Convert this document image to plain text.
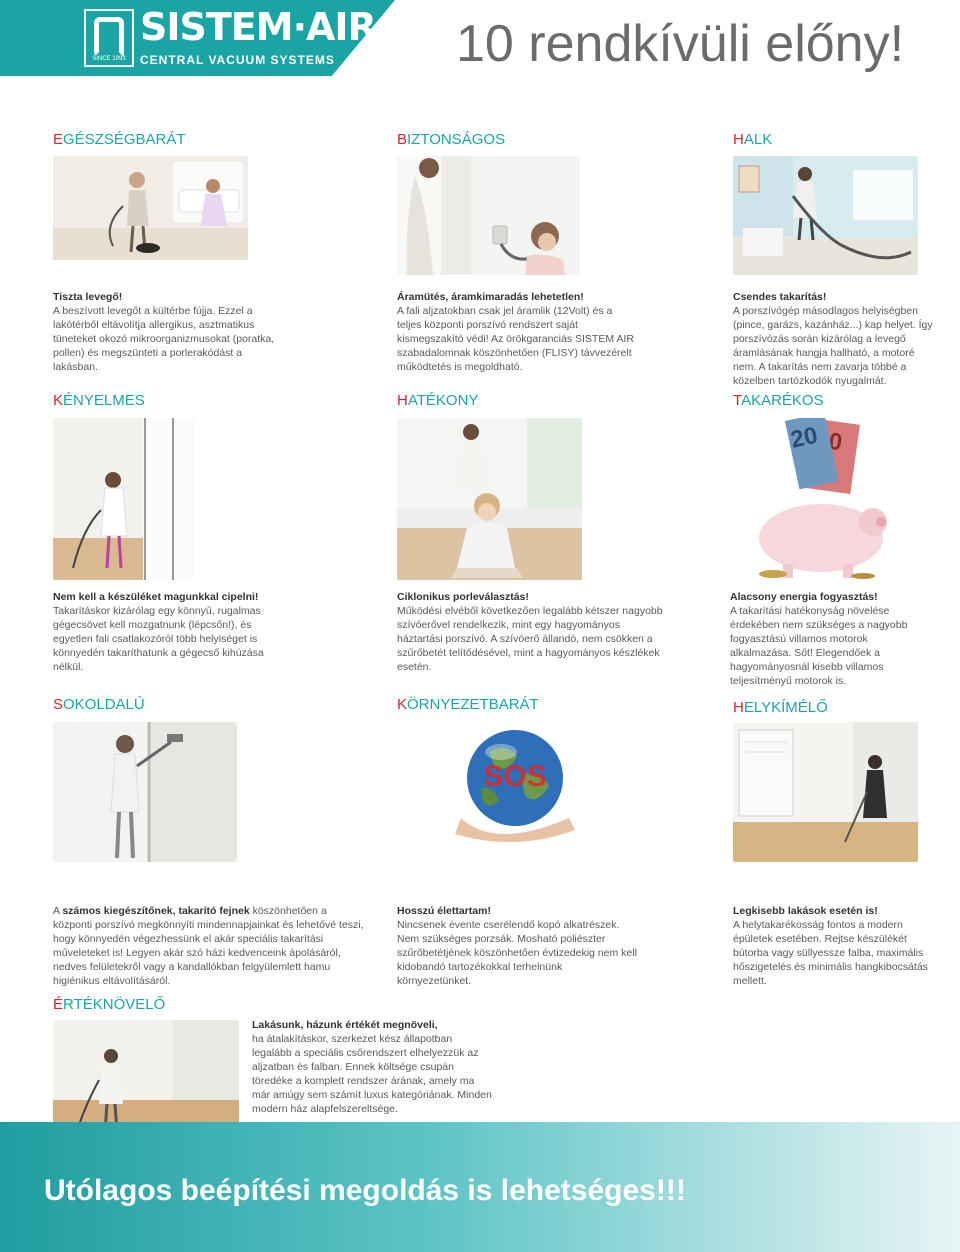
SINCE 1993
SISTEM·AIR
CENTRAL VACUUM SYSTEMS 10 rendkívüli előny!
EGÉSZSÉGBARÁT	BIZTONSÁGOS	HALK
Tiszta levegő!
A beszívott levegőt a kültérbe fújja. Ezzel a lakótérből eltávolítja allergikus, asztmatikus tüneteket okozó mikroorganizmusokat (poratka, pollen) és megszünteti a porlerakódást a lakásban.
Áramütés, áramkimaradás lehetetlen!
A fali aljzatokban csak jel áramlik (12Volt) és a teljes központi porszívó rendszert saját kismegszakító védi! Az örökgaranciás SISTEM AIR szabadalomnak köszönhetően (FLISY) távvezérelt működtetés is megoldható.
Csendes takarítás!
A porszívógép másodlagos helyiségben (pince, garázs, kazánház...) kap helyet. Így porszívózás során kizárólag a levegő áramlásának hangja hallható, a motoré nem. A takarítás nem zavarja többé a közelben tartózkodók nyugalmát.
KÉNYELMES	HATÉKONY	TAKARÉKOS
20
Nem kell a készüléket magunkkal cipelni!
Takarításkor kizárólag egy könnyű, rugalmas gégecsövet kell mozgatnunk (lépcsőn!), és egyetlen fali csatlakozóról több helyiséget is könnyedén takaríthatunk a gégecső kihúzása nélkül.
Ciklonikus porleválasztás!
Működési elvéből következően legalább kétszer nagyobb szívóerővel rendelkezik, mint egy hagyományos háztartási porszívó. A szívóerő állandó, nem csökken a szűrőbetét telítődésével, mint a hagyományos készlékek esetén.
Alacsony energia fogyasztás!
A takarítási hatékonyság növelése érdekében nem szükséges a nagyobb fogyasztású villamos motorok alkalmazása. Sőt! Elegendőek a hagyományosnál kisebb villamos teljesítményű motorok is.
SOKOLDALÚ	KÖRNYEZETBARÁT	HELYKÍMÉLŐ
SOS
A számos kiegészítőnek, takarító fejnek köszönhetően a központi porszívó megkönnyíti mindennapjainkat és lehetővé teszi, hogy könnyedén végezhessünk el akár speciális takarítási műveleteket is! Legyen akár szó házi kedvenceink ápolásáról, nedves felületekről vagy a kandallókban felgyülemlett hamu higiénikus eltávolításáról.
Hosszú élettartam!
Nincsenek évente cserélendő kopó alkatrészek. Nem szükséges porzsák. Mosható poliészter szűrőbetétjének köszönhetően évtizedekig nem kell kidobandó tartozékokkal terhelnünk környezetünket.
Legkisebb lakások esetén is!
A helytakarékosság fontos a modern épületek esetében. Rejtse készülékét bútorba vagy süllyessze falba, maximális hőszigetelés és minimális hangkibocsátás mellett.
ÉRTÉKNÖVELŐ
Lakásunk, házunk értékét megnöveli,
ha átalakításkor, szerkezet kész állapotban legalább a speciális csőrendszert elhelyezzük az aljzatban és falban. Ennek költsége csupán töredéke a komplett rendszer árának, amely ma már amúgy sem számít luxus kategóriának. Minden modern ház alapfelszereltsége.
Utólagos beépítési megoldás is lehetséges!!!
